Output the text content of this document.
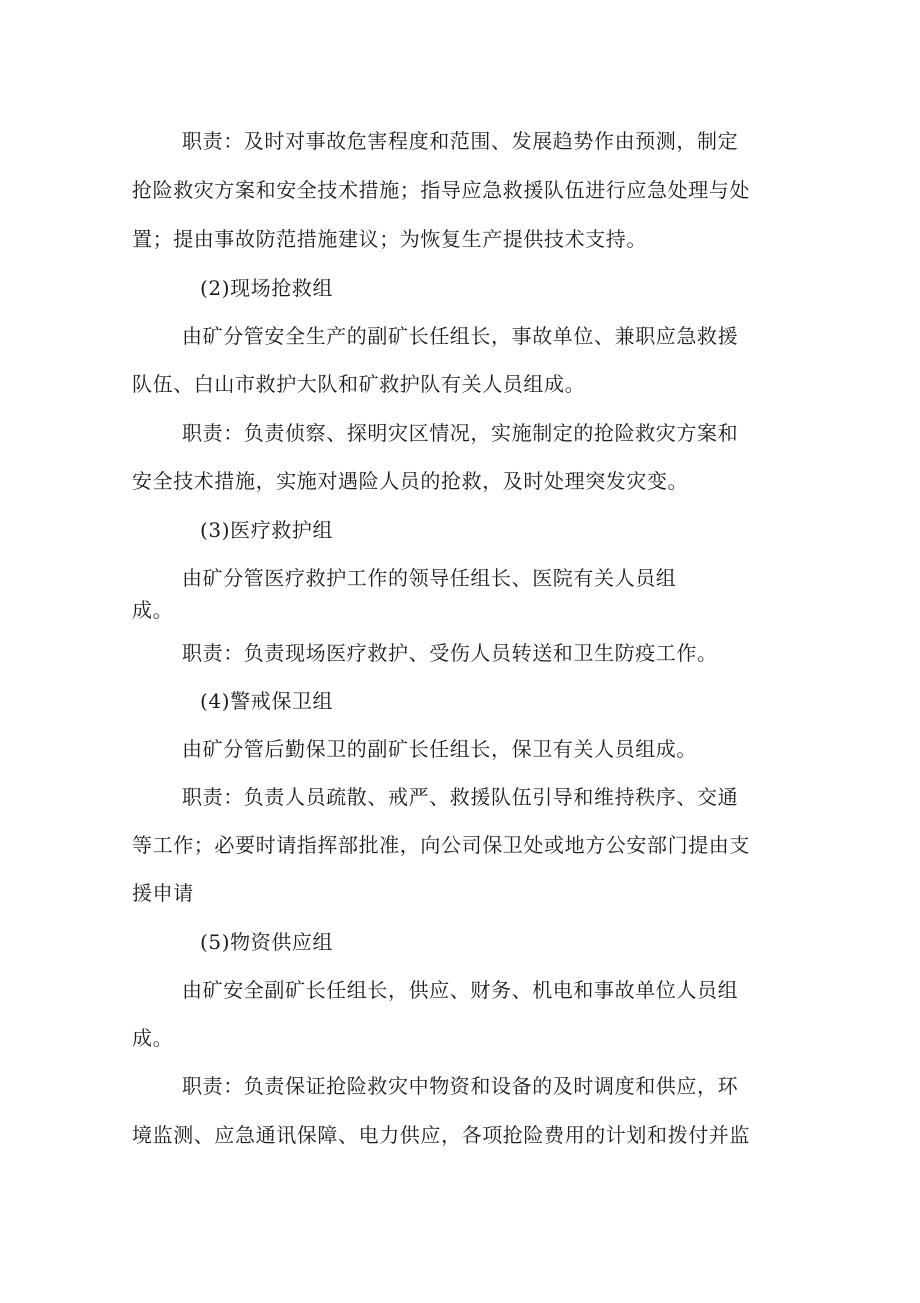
职责：及时对事故危害程度和范围、发展趋势作由预测，制定
抢险救灾方案和安全技术措施；指导应急救援队伍进行应急处理与处
置；提由事故防范措施建议；为恢复生产提供技术支持。
(2)现场抢救组
由矿分管安全生产的副矿长任组长，事故单位、兼职应急救援
队伍、白山市救护大队和矿救护队有关人员组成。
职责：负责侦察、探明灾区情况，实施制定的抢险救灾方案和
安全技术措施，实施对遇险人员的抢救，及时处理突发灾变。
(3)医疗救护组
由矿分管医疗救护工作的领导任组长、医院有关人员组
成。
职责：负责现场医疗救护、受伤人员转送和卫生防疫工作。
(4)警戒保卫组
由矿分管后勤保卫的副矿长任组长，保卫有关人员组成。
职责：负责人员疏散、戒严、救援队伍引导和维持秩序、交通
等工作；必要时请指挥部批准，向公司保卫处或地方公安部门提由支
援申请
(5)物资供应组
由矿安全副矿长任组长，供应、财务、机电和事故单位人员组
成。
职责：负责保证抢险救灾中物资和设备的及时调度和供应，环
境监测、应急通讯保障、电力供应，各项抢险费用的计划和拨付并监
